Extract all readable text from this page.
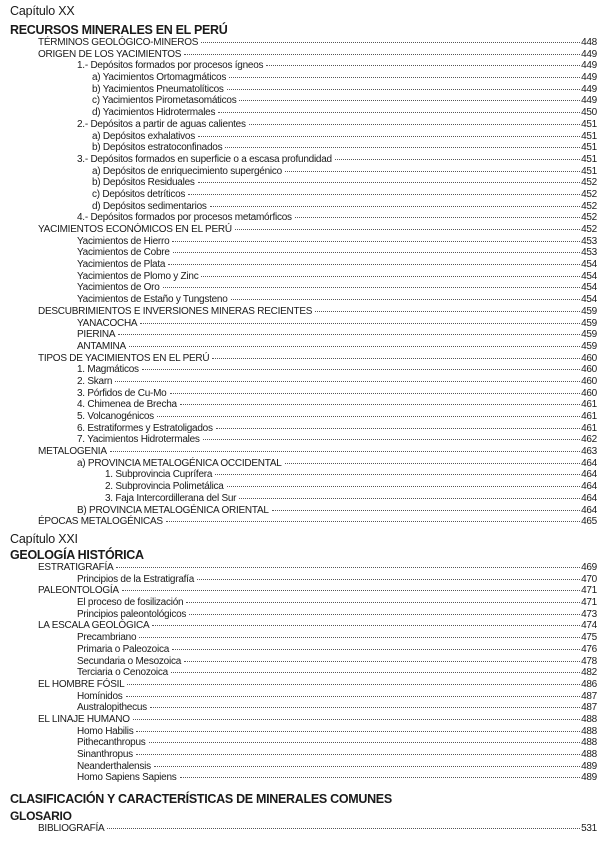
Capítulo XX
RECURSOS MINERALES EN EL PERÚ
TÉRMINOS GEOLÓGICO-MINEROS	448
ORIGEN DE LOS YACIMIENTOS	449
1.- Depósitos formados por procesos ígneos	449
a) Yacimientos Ortomagmáticos	449
b) Yacimientos Pneumatolíticos	449
c) Yacimientos Pirometasomáticos	449
d) Yacimientos Hidrotermales	450
2.- Depósitos a partir de aguas calientes	451
a) Depósitos exhalativos	451
b) Depósitos estratoconfinados	451
3.- Depósitos formados en superficie o a escasa profundidad	451
a) Depósitos de enriquecimiento supergénico	451
b) Depósitos Residuales	452
c) Depósitos detríticos	452
d) Depósitos sedimentarios	452
4.- Depósitos formados por procesos metamórficos	452
YACIMIENTOS ECONÓMICOS EN EL PERÚ	452
Yacimientos de Hierro	453
Yacimientos de Cobre	453
Yacimientos de Plata	454
Yacimientos de Plomo y Zinc	454
Yacimientos de Oro	454
Yacimientos de Estaño y Tungsteno	454
DESCUBRIMIENTOS E INVERSIONES MINERAS RECIENTES	459
YANACOCHA	459
PIERINA	459
ANTAMINA	459
TIPOS DE YACIMIENTOS EN EL PERÚ	460
1. Magmáticos	460
2. Skarn	460
3. Pórfidos de Cu-Mo	460
4. Chimenea de Brecha	461
5. Volcanogénicos	461
6. Estratiformes y Estratoligados	461
7. Yacimientos Hidrotermales	462
METALOGENIA	463
a) PROVINCIA METALOGÉNICA OCCIDENTAL	464
1. Subprovincia Cuprífera	464
2. Subprovincia Polimetálica	464
3. Faja Intercordillerana del Sur	464
B) PROVINCIA METALOGÉNICA ORIENTAL	464
ÉPOCAS METALOGÉNICAS	465
Capítulo XXI
GEOLOGÍA HISTÓRICA
ESTRATIGRAFÍA	469
Principios de la Estratigrafía	470
PALEONTOLOGÍA	471
El proceso de fosilización	471
Principios paleontológicos	473
LA ESCALA GEOLÓGICA	474
Precambriano	475
Primaria o Paleozoica	476
Secundaria o Mesozoica	478
Terciaria o Cenozoica	482
EL HOMBRE FÓSIL	486
Homínidos	487
Australopithecus	487
EL LINAJE HUMANO	488
Homo Habilis	488
Pithecanthropus	488
Sinanthropus	488
Neanderthalensis	489
Homo Sapiens Sapiens	489
CLASIFICACIÓN Y CARACTERÍSTICAS DE MINERALES COMUNES
GLOSARIO
BIBLIOGRAFÍA	531
